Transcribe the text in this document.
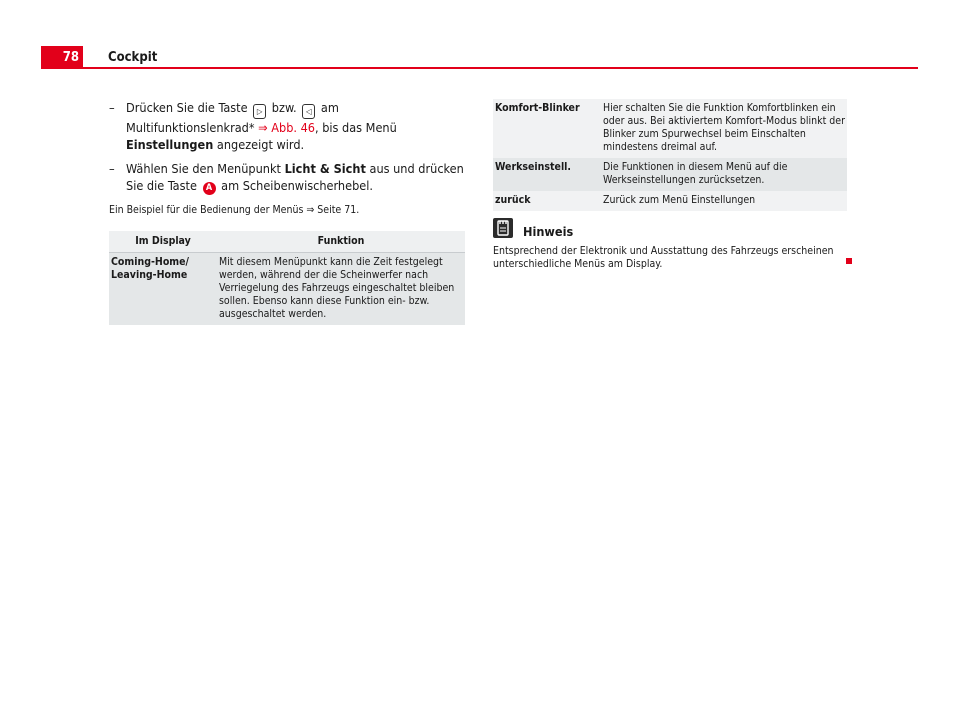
78	Cockpit
– Drücken Sie die Taste ▷ bzw. ◁ am Multifunktionslenkrad* ⇒ Abb. 46, bis das Menü Einstellungen angezeigt wird.
– Wählen Sie den Menüpunkt Licht & Sicht aus und drücken Sie die Taste A am Scheibenwischerhebel.
Ein Beispiel für die Bedienung der Menüs ⇒ Seite 71.
Im Display	Funktion
Coming-Home/ Leaving-Home	Mit diesem Menüpunkt kann die Zeit festgelegt werden, während der die Scheinwerfer nach Verriegelung des Fahrzeugs eingeschaltet bleiben sollen. Ebenso kann diese Funktion ein- bzw. ausgeschaltet werden.
Komfort-Blinker	Hier schalten Sie die Funktion Komfortblinken ein oder aus. Bei aktiviertem Komfort-Modus blinkt der Blinker zum Spurwechsel beim Einschalten mindestens dreimal auf.
Werkseinstell.	Die Funktionen in diesem Menü auf die Werkseinstellungen zurücksetzen.
zurück	Zurück zum Menü Einstellungen
Hinweis
Entsprechend der Elektronik und Ausstattung des Fahrzeugs erscheinen unterschiedliche Menüs am Display.
